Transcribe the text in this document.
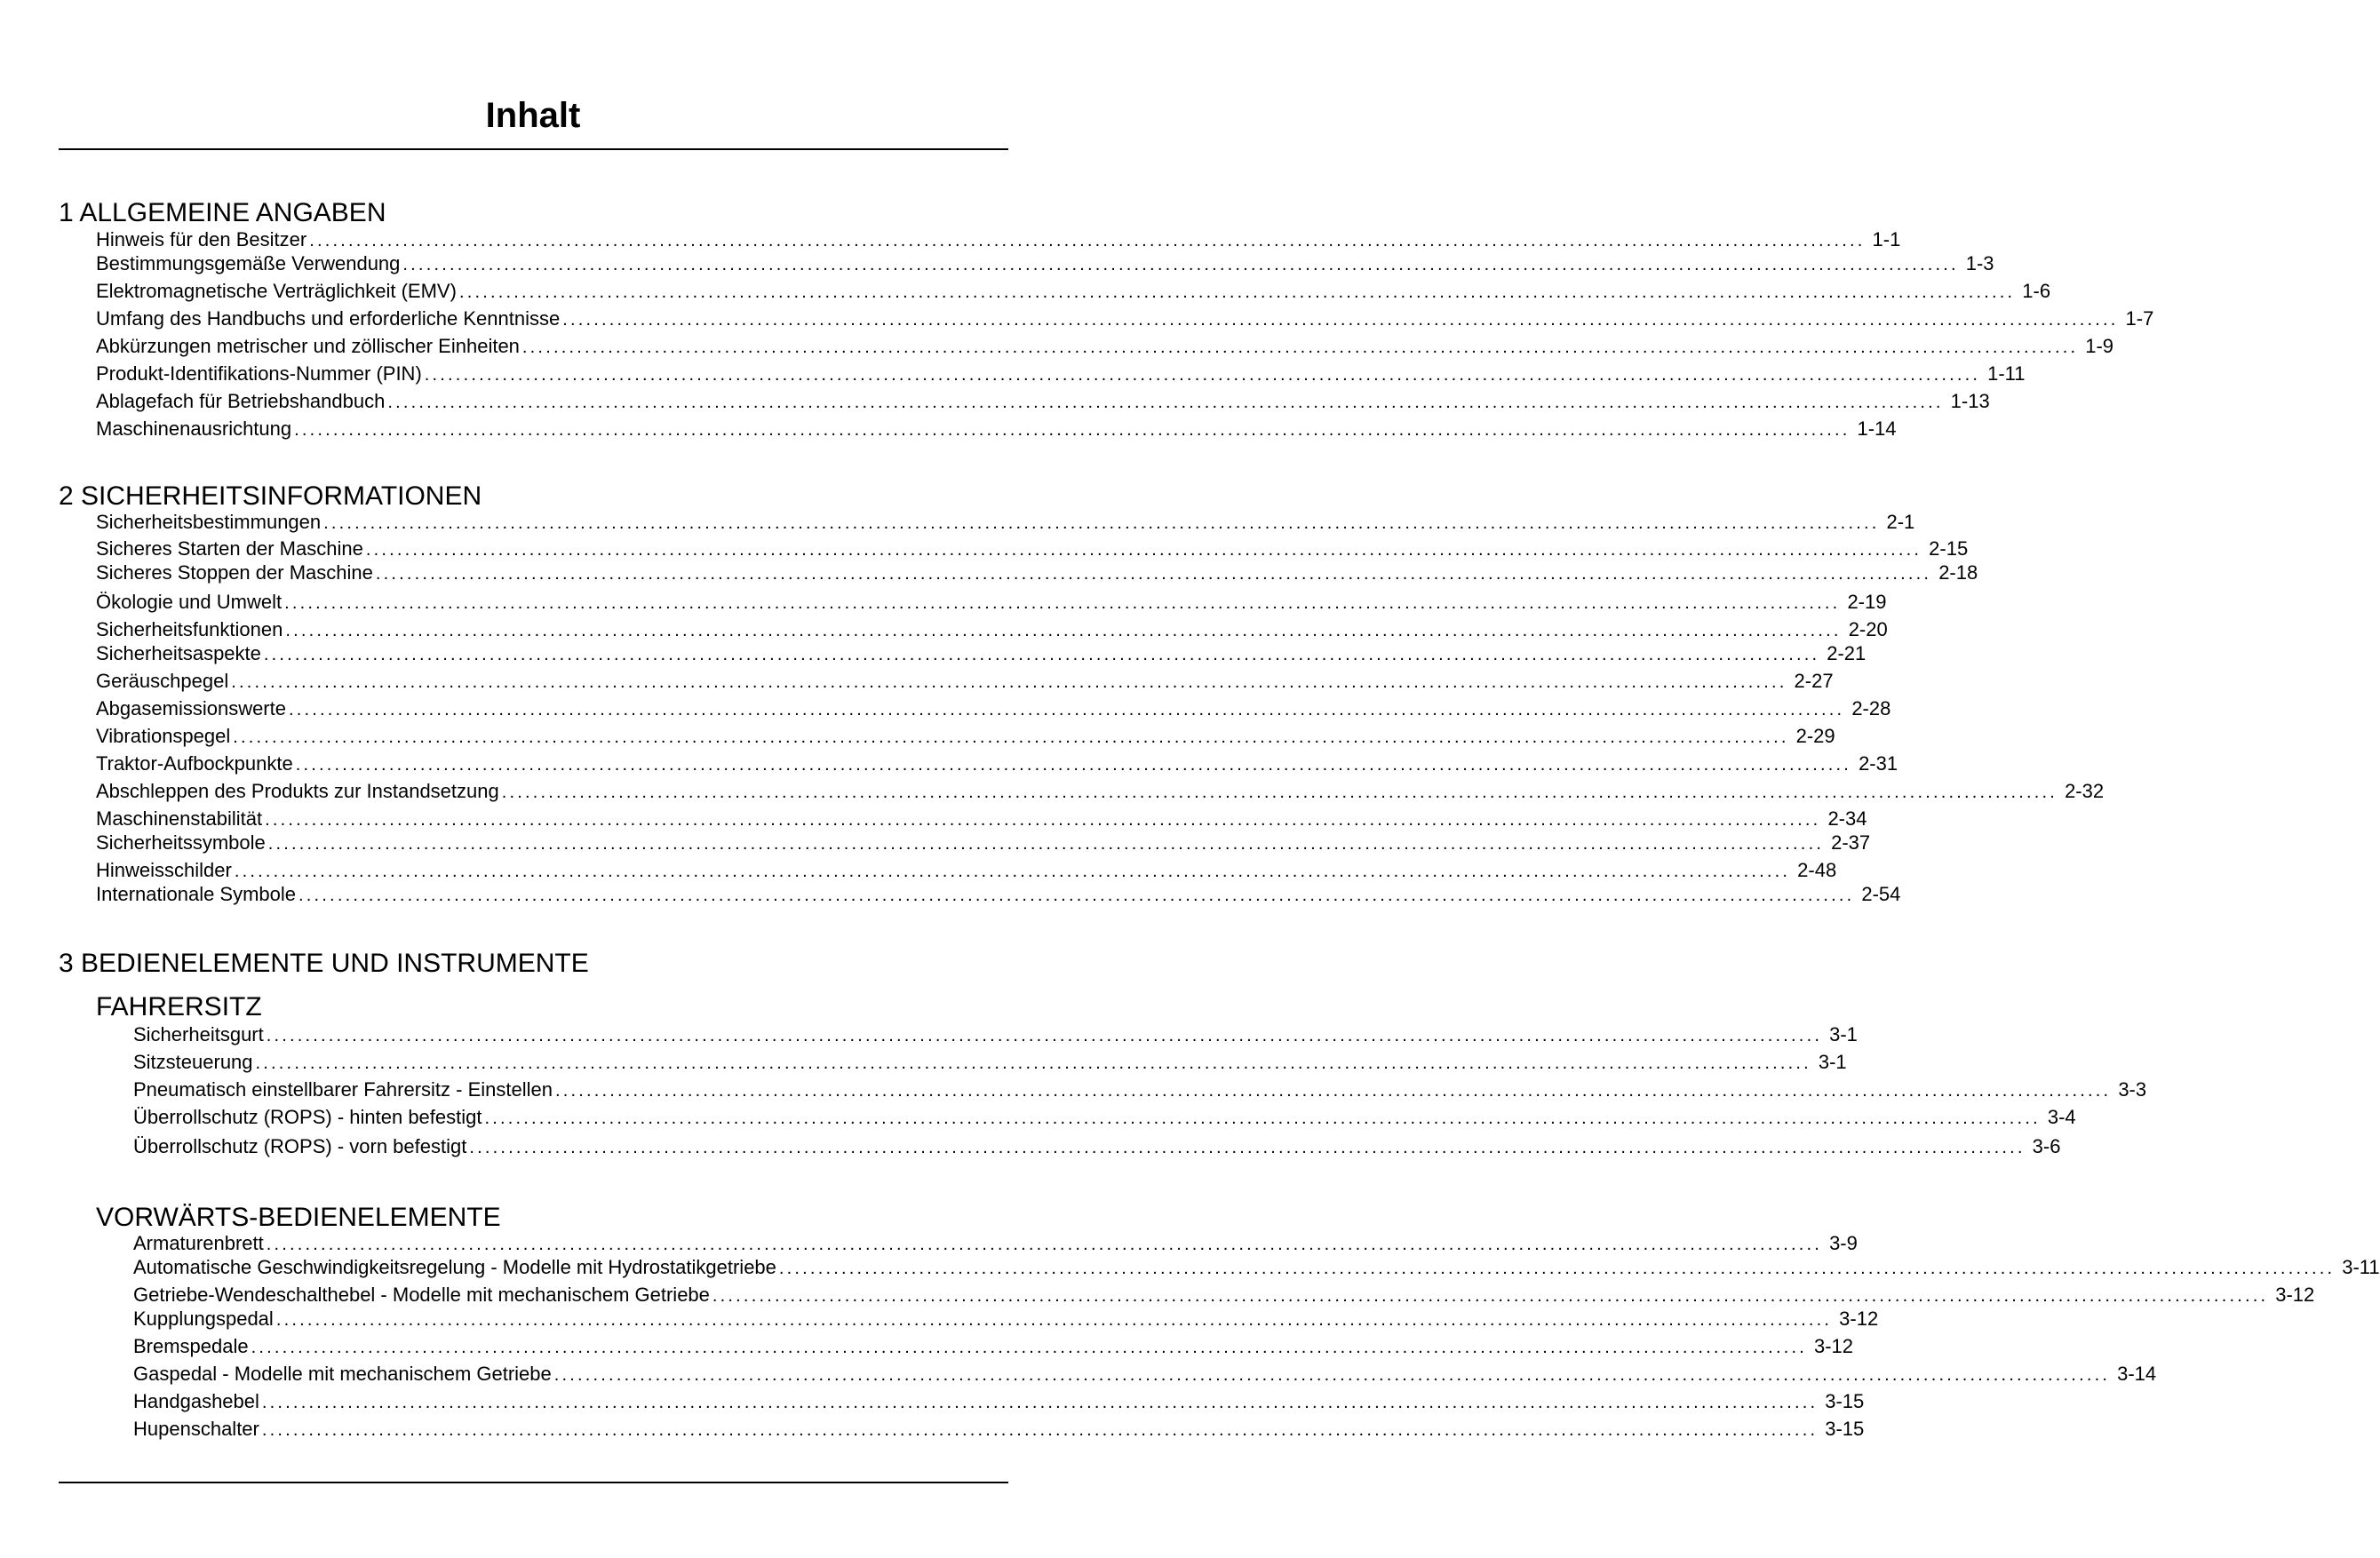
Inhalt
1 ALLGEMEINE ANGABEN
Hinweis für den Besitzer ........................................................................................................................................................................................................ 1-1
Bestimmungsgemäße Verwendung ........................................................................................................................................................................................................ 1-3
Elektromagnetische Verträglichkeit (EMV) ........................................................................................................................................................................................................ 1-6
Umfang des Handbuchs und erforderliche Kenntnisse ........................................................................................................................................................................................................ 1-7
Abkürzungen metrischer und zöllischer Einheiten ........................................................................................................................................................................................................ 1-9
Produkt-Identifikations-Nummer (PIN) ........................................................................................................................................................................................................ 1-11
Ablagefach für Betriebshandbuch ........................................................................................................................................................................................................ 1-13
Maschinenausrichtung ........................................................................................................................................................................................................ 1-14
2 SICHERHEITSINFORMATIONEN
Sicherheitsbestimmungen ........................................................................................................................................................................................................ 2-1
Sicheres Starten der Maschine ........................................................................................................................................................................................................ 2-15
Sicheres Stoppen der Maschine ........................................................................................................................................................................................................ 2-18
Ökologie und Umwelt ........................................................................................................................................................................................................ 2-19
Sicherheitsfunktionen ........................................................................................................................................................................................................ 2-20
Sicherheitsaspekte ........................................................................................................................................................................................................ 2-21
Geräuschpegel ........................................................................................................................................................................................................ 2-27
Abgasemissionswerte ........................................................................................................................................................................................................ 2-28
Vibrationspegel ........................................................................................................................................................................................................ 2-29
Traktor-Aufbockpunkte ........................................................................................................................................................................................................ 2-31
Abschleppen des Produkts zur Instandsetzung ........................................................................................................................................................................................................ 2-32
Maschinenstabilität ........................................................................................................................................................................................................ 2-34
Sicherheitssymbole ........................................................................................................................................................................................................ 2-37
Hinweisschilder ........................................................................................................................................................................................................ 2-48
Internationale Symbole ........................................................................................................................................................................................................ 2-54
3 BEDIENELEMENTE UND INSTRUMENTE
FAHRERSITZ
Sicherheitsgurt ........................................................................................................................................................................................................ 3-1
Sitzsteuerung ........................................................................................................................................................................................................ 3-1
Pneumatisch einstellbarer Fahrersitz - Einstellen ........................................................................................................................................................................................................ 3-3
Überrollschutz (ROPS) - hinten befestigt ........................................................................................................................................................................................................ 3-4
Überrollschutz (ROPS) - vorn befestigt ........................................................................................................................................................................................................ 3-6
VORWÄRTS-BEDIENELEMENTE
Armaturenbrett ........................................................................................................................................................................................................ 3-9
Automatische Geschwindigkeitsregelung - Modelle mit Hydrostatikgetriebe ........................................................................................................................................................................................................ 3-11
Getriebe-Wendeschalthebel - Modelle mit mechanischem Getriebe ........................................................................................................................................................................................................ 3-12
Kupplungspedal ........................................................................................................................................................................................................ 3-12
Bremspedale ........................................................................................................................................................................................................ 3-12
Gaspedal - Modelle mit mechanischem Getriebe ........................................................................................................................................................................................................ 3-14
Handgashebel ........................................................................................................................................................................................................ 3-15
Hupenschalter ........................................................................................................................................................................................................ 3-15
